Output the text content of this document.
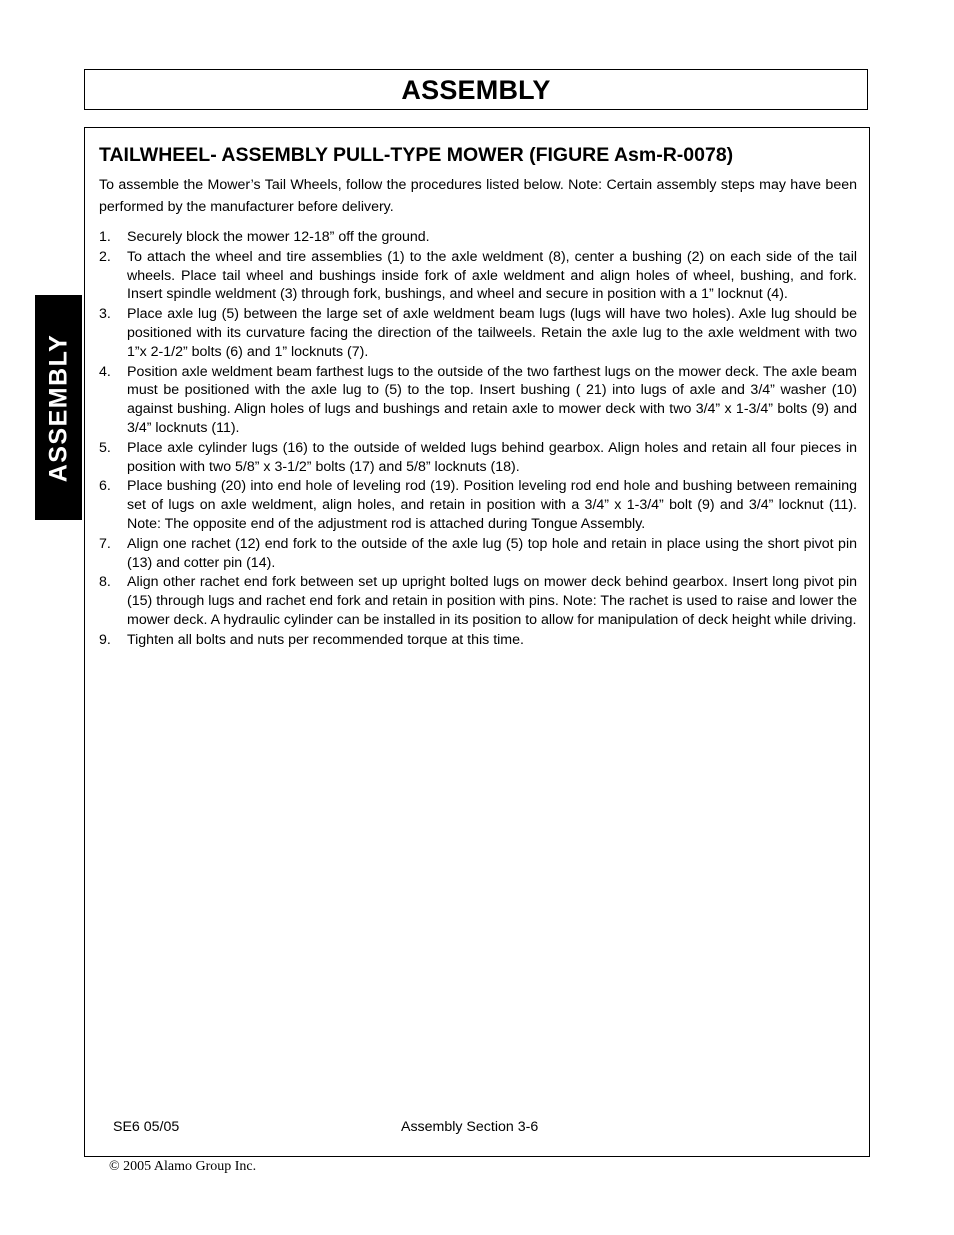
ASSEMBLY
ASSEMBLY
TAILWHEEL- ASSEMBLY PULL-TYPE MOWER (FIGURE Asm-R-0078)
To assemble the Mower’s Tail Wheels, follow the procedures listed below. Note: Certain assembly steps may have been performed by the manufacturer before delivery.
1. Securely block the mower 12-18” off the ground.
2. To attach the wheel and tire assemblies (1) to the axle weldment (8), center a bushing (2) on each side of the tail wheels. Place tail wheel and bushings inside fork of axle weldment and align holes of wheel, bushing, and fork. Insert spindle weldment (3) through fork, bushings, and wheel and secure in position with a 1” locknut (4).
3. Place axle lug (5) between the large set of axle weldment beam lugs (lugs will have two holes). Axle lug should be positioned with its curvature facing the direction of the tailweels. Retain the axle lug to the axle weldment with two 1”x 2-1/2” bolts (6) and 1” locknuts (7).
4. Position axle weldment beam farthest lugs to the outside of the two farthest lugs on the mower deck. The axle beam must be positioned with the axle lug to (5) to the top. Insert bushing ( 21) into lugs of axle and 3/4” washer (10) against bushing. Align holes of lugs and bushings and retain axle to mower deck with two 3/4” x 1-3/4” bolts (9) and 3/4” locknuts (11).
5. Place axle cylinder lugs (16) to the outside of welded lugs behind gearbox. Align holes and retain all four pieces in position with two 5/8” x 3-1/2” bolts (17) and 5/8” locknuts (18).
6. Place bushing (20) into end hole of leveling rod (19). Position leveling rod end hole and bushing between remaining set of lugs on axle weldment, align holes, and retain in position with a 3/4” x 1-3/4” bolt (9) and 3/4” locknut (11). Note: The opposite end of the adjustment rod is attached during Tongue Assembly.
7. Align one rachet (12) end fork to the outside of the axle lug (5) top hole and retain in place using the short pivot pin (13) and cotter pin (14).
8. Align other rachet end fork between set up upright bolted lugs on mower deck behind gearbox. Insert long pivot pin (15) through lugs and rachet end fork and retain in position with pins. Note: The rachet is used to raise and lower the mower deck. A hydraulic cylinder can be installed in its position to allow for manipulation of deck height while driving.
9. Tighten all bolts and nuts per recommended torque at this time.
SE6 05/05	Assembly Section 3-6
© 2005 Alamo Group Inc.
